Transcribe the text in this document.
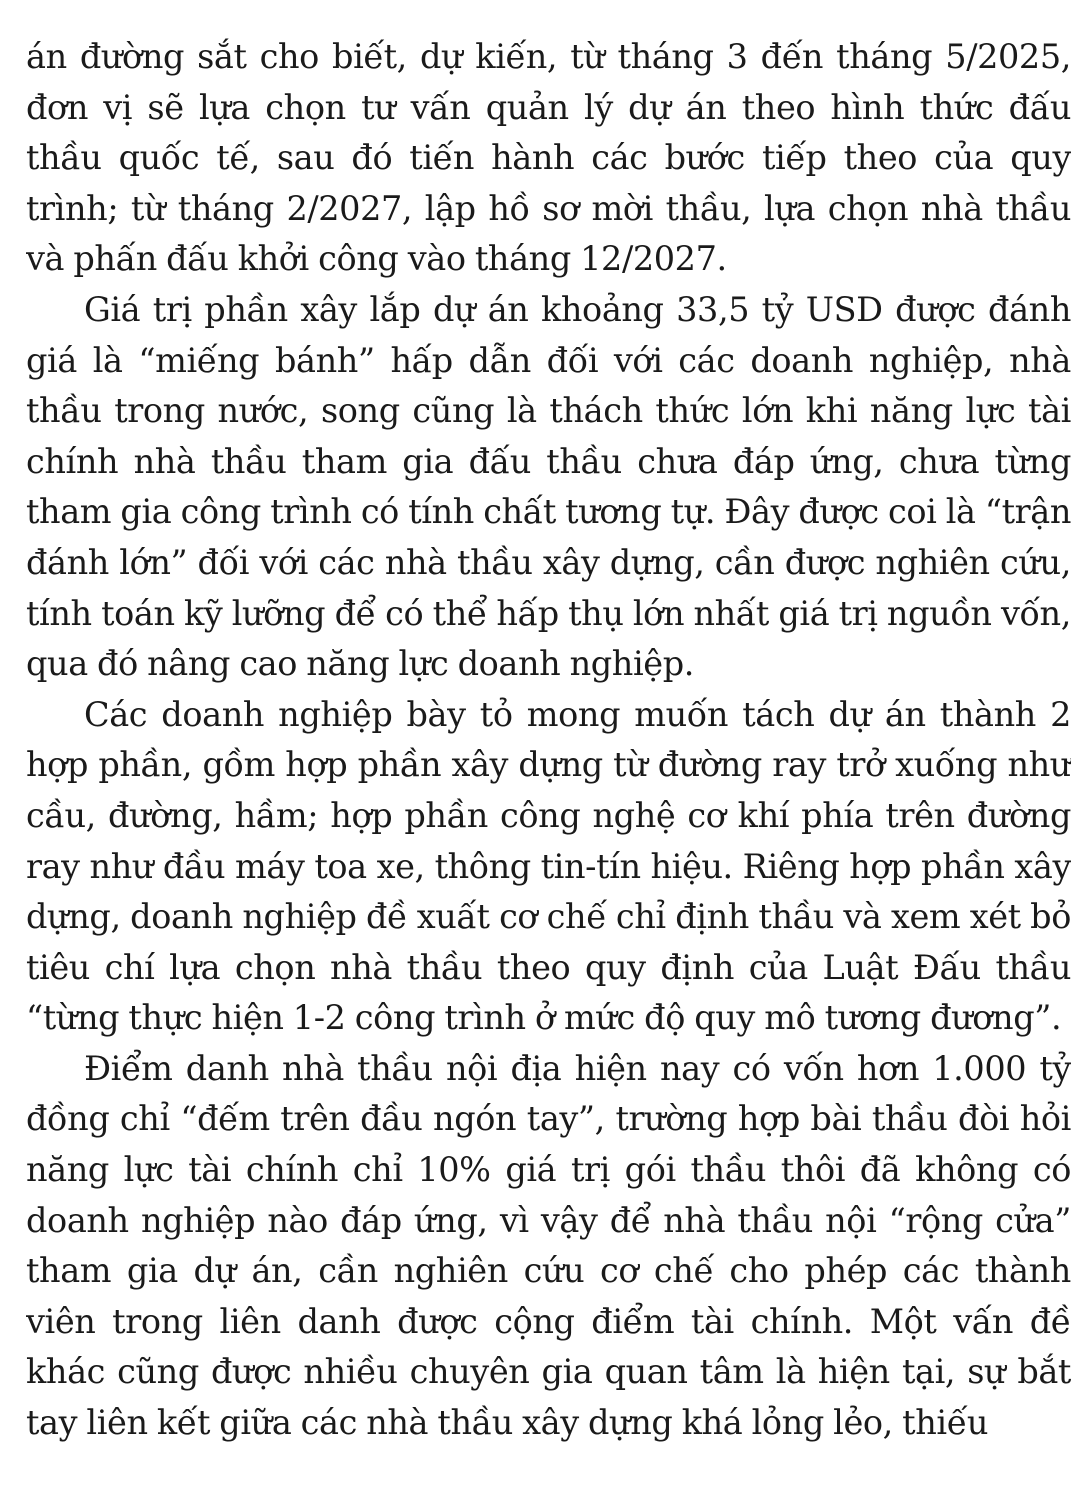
án đường sắt cho biết, dự kiến, từ tháng 3 đến tháng 5/2025, đơn vị sẽ lựa chọn tư vấn quản lý dự án theo hình thức đấu thầu quốc tế, sau đó tiến hành các bước tiếp theo của quy trình; từ tháng 2/2027, lập hồ sơ mời thầu, lựa chọn nhà thầu và phấn đấu khởi công vào tháng 12/2027.

Giá trị phần xây lắp dự án khoảng 33,5 tỷ USD được đánh giá là “miếng bánh” hấp dẫn đối với các doanh nghiệp, nhà thầu trong nước, song cũng là thách thức lớn khi năng lực tài chính nhà thầu tham gia đấu thầu chưa đáp ứng, chưa từng tham gia công trình có tính chất tương tự. Đây được coi là “trận đánh lớn” đối với các nhà thầu xây dựng, cần được nghiên cứu, tính toán kỹ lưỡng để có thể hấp thụ lớn nhất giá trị nguồn vốn, qua đó nâng cao năng lực doanh nghiệp.

Các doanh nghiệp bày tỏ mong muốn tách dự án thành 2 hợp phần, gồm hợp phần xây dựng từ đường ray trở xuống như cầu, đường, hầm; hợp phần công nghệ cơ khí phía trên đường ray như đầu máy toa xe, thông tin-tín hiệu. Riêng hợp phần xây dựng, doanh nghiệp đề xuất cơ chế chỉ định thầu và xem xét bỏ tiêu chí lựa chọn nhà thầu theo quy định của Luật Đấu thầu “từng thực hiện 1-2 công trình ở mức độ quy mô tương đương”.

Điểm danh nhà thầu nội địa hiện nay có vốn hơn 1.000 tỷ đồng chỉ “đếm trên đầu ngón tay”, trường hợp bài thầu đòi hỏi năng lực tài chính chỉ 10% giá trị gói thầu thôi đã không có doanh nghiệp nào đáp ứng, vì vậy để nhà thầu nội “rộng cửa” tham gia dự án, cần nghiên cứu cơ chế cho phép các thành viên trong liên danh được cộng điểm tài chính. Một vấn đề khác cũng được nhiều chuyên gia quan tâm là hiện tại, sự bắt tay liên kết giữa các nhà thầu xây dựng khá lỏng lẻo, thiếu
